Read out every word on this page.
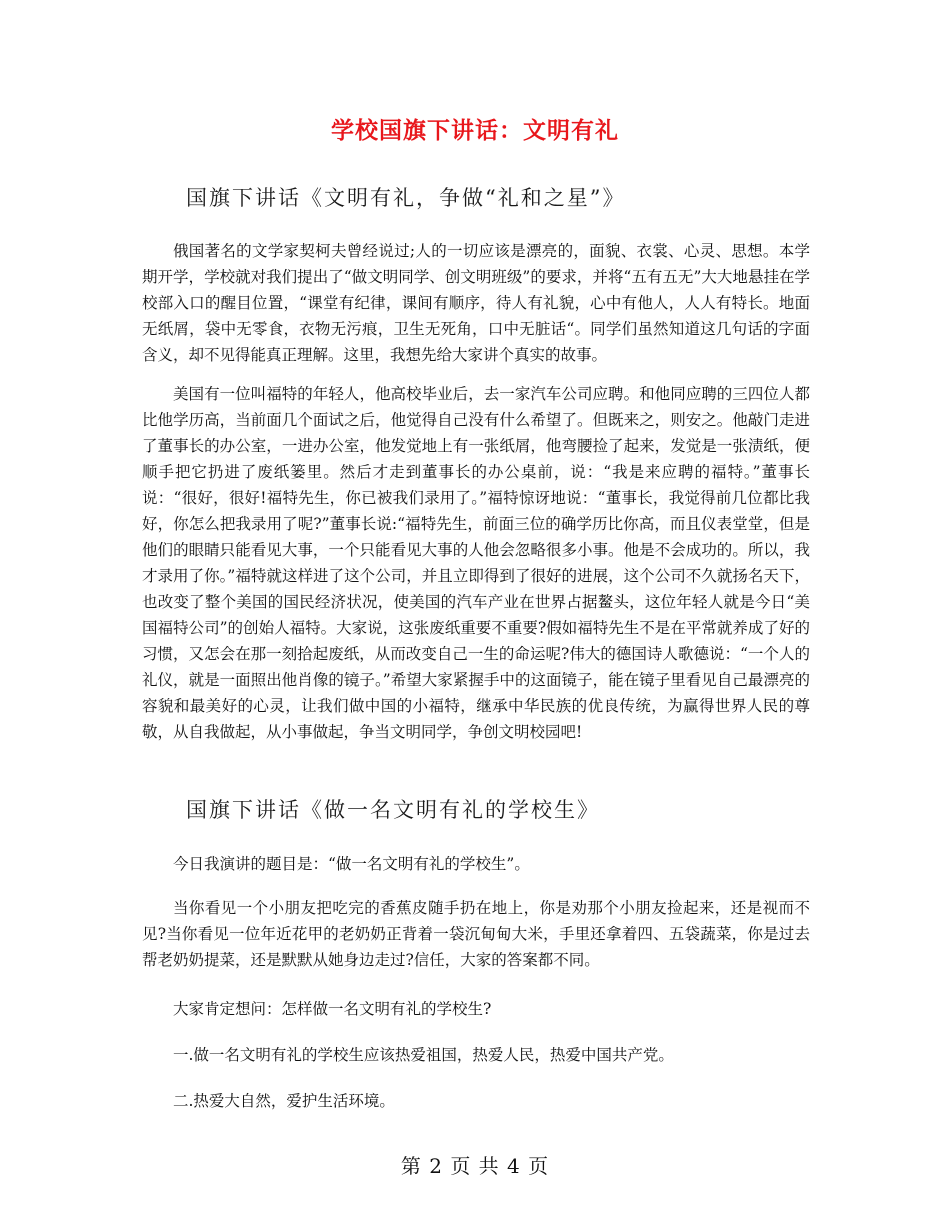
学校国旗下讲话：文明有礼
国旗下讲话《文明有礼，争做“礼和之星”》
俄国著名的文学家契柯夫曾经说过;人的一切应该是漂亮的，面貌、衣裳、心灵、思想。本学期开学，学校就对我们提出了“做文明同学、创文明班级”的要求，并将“五有五无”大大地悬挂在学校部入口的醒目位置，“课堂有纪律，课间有顺序，待人有礼貌，心中有他人，人人有特长。地面无纸屑，袋中无零食，衣物无污痕，卫生无死角，口中无脏话“。同学们虽然知道这几句话的字面含义，却不见得能真正理解。这里，我想先给大家讲个真实的故事。
美国有一位叫福特的年轻人，他高校毕业后，去一家汽车公司应聘。和他同应聘的三四位人都比他学历高，当前面几个面试之后，他觉得自己没有什么希望了。但既来之，则安之。他敲门走进了董事长的办公室，一进办公室，他发觉地上有一张纸屑，他弯腰捡了起来，发觉是一张渍纸，便顺手把它扔进了废纸篓里。然后才走到董事长的办公桌前，说：“我是来应聘的福特。”董事长说：“很好，很好!福特先生，你已被我们录用了。”福特惊讶地说：“董事长，我觉得前几位都比我好，你怎么把我录用了呢?”董事长说:“福特先生，前面三位的确学历比你高，而且仪表堂堂，但是他们的眼睛只能看见大事，一个只能看见大事的人他会忽略很多小事。他是不会成功的。所以，我才录用了你。”福特就这样进了这个公司，并且立即得到了很好的进展，这个公司不久就扬名天下，也改变了整个美国的国民经济状况，使美国的汽车产业在世界占据鳌头，这位年轻人就是今日“美国福特公司”的创始人福特。大家说，这张废纸重要不重要?假如福特先生不是在平常就养成了好的习惯，又怎会在那一刻拾起废纸，从而改变自己一生的命运呢?伟大的德国诗人歌德说：“一个人的礼仪，就是一面照出他肖像的镜子。”希望大家紧握手中的这面镜子，能在镜子里看见自己最漂亮的容貌和最美好的心灵，让我们做中国的小福特，继承中华民族的优良传统，为赢得世界人民的尊敬，从自我做起，从小事做起，争当文明同学，争创文明校园吧!
国旗下讲话《做一名文明有礼的学校生》
今日我演讲的题目是：“做一名文明有礼的学校生”。
当你看见一个小朋友把吃完的香蕉皮随手扔在地上，你是劝那个小朋友捡起来，还是视而不见?当你看见一位年近花甲的老奶奶正背着一袋沉甸甸大米，手里还拿着四、五袋蔬菜，你是过去帮老奶奶提菜，还是默默从她身边走过?信任，大家的答案都不同。
大家肯定想问：怎样做一名文明有礼的学校生?
一.做一名文明有礼的学校生应该热爱祖国，热爱人民，热爱中国共产党。
二.热爱大自然，爱护生活环境。
第 2 页 共 4 页
